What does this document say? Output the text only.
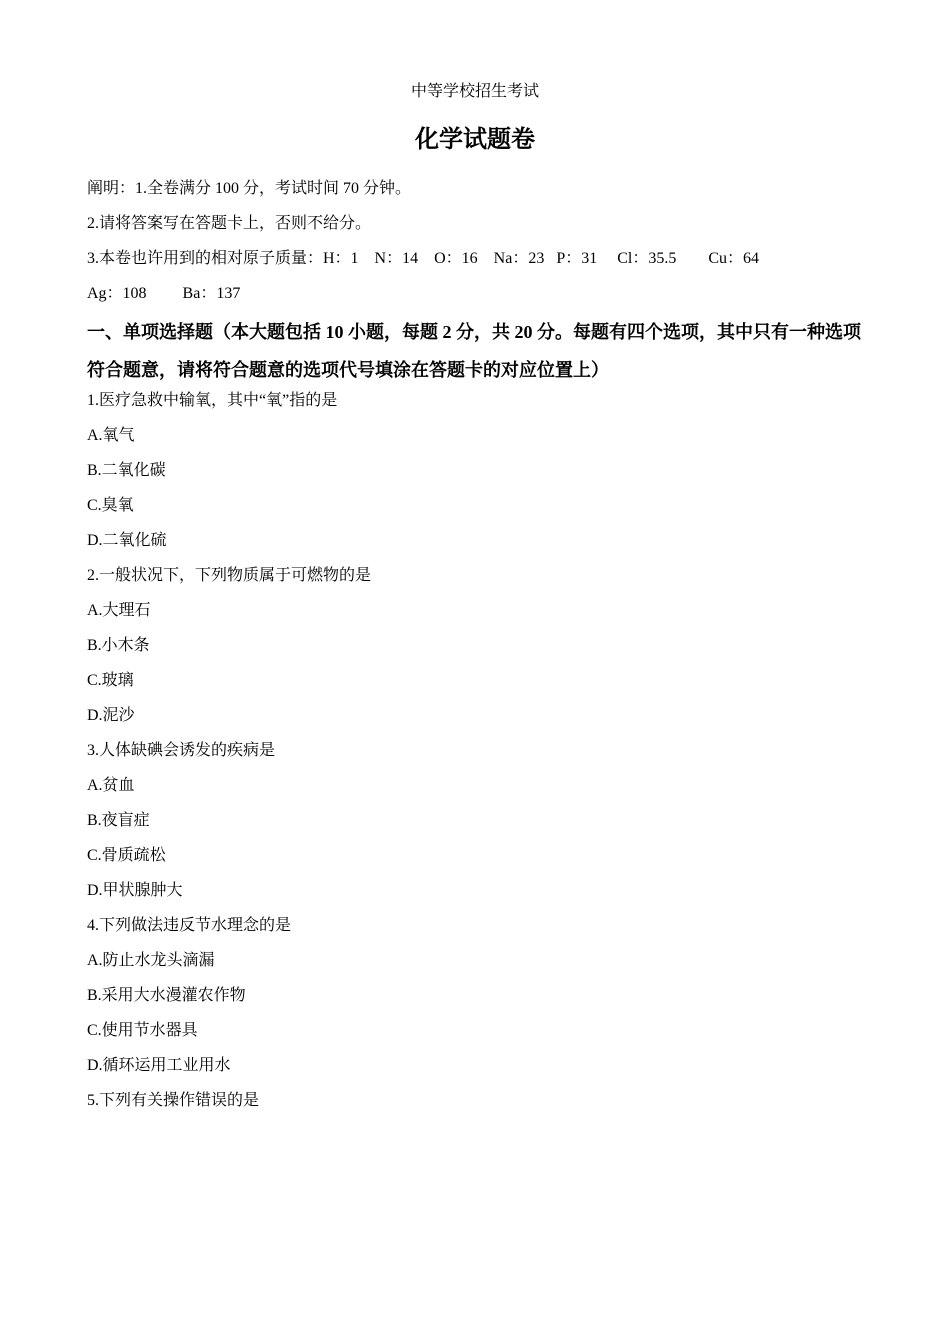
中等学校招生考试
化学试题卷
阐明：1.全卷满分 100 分，考试时间 70 分钟。
2.请将答案写在答题卡上，否则不给分。
3.本卷也许用到的相对原子质量：H：1    N：14    O：16    Na：23   P：31     Cl：35.5        Cu：64
Ag：108         Ba：137
一、单项选择题（本大题包括 10 小题，每题 2 分，共 20 分。每题有四个选项，其中只有一种选项符合题意，请将符合题意的选项代号填涂在答题卡的对应位置上）
1.医疗急救中输氧，其中“氧”指的是
A.氧气
B.二氧化碳
C.臭氧
D.二氧化硫
2.一般状况下，下列物质属于可燃物的是
A.大理石
B.小木条
C.玻璃
D.泥沙
3.人体缺碘会诱发的疾病是
A.贫血
B.夜盲症
C.骨质疏松
D.甲状腺肿大
4.下列做法违反节水理念的是
A.防止水龙头滴漏
B.采用大水漫灌农作物
C.使用节水器具
D.循环运用工业用水
5.下列有关操作错误的是
